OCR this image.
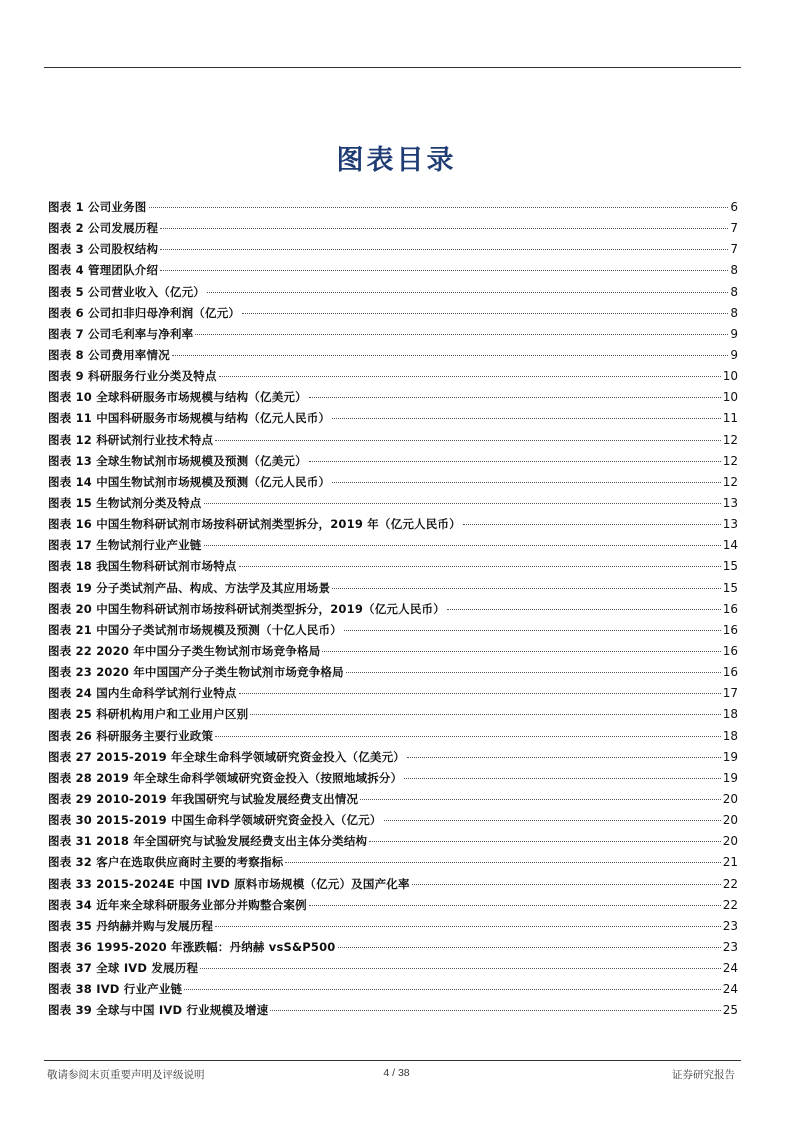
图表目录
图表 1 公司业务图	6
图表 2 公司发展历程	7
图表 3 公司股权结构	7
图表 4 管理团队介绍	8
图表 5 公司营业收入（亿元）	8
图表 6 公司扣非归母净利润（亿元）	8
图表 7 公司毛利率与净利率	9
图表 8 公司费用率情况	9
图表 9 科研服务行业分类及特点	10
图表 10 全球科研服务市场规模与结构（亿美元）	10
图表 11 中国科研服务市场规模与结构（亿元人民币）	11
图表 12 科研试剂行业技术特点	12
图表 13 全球生物试剂市场规模及预测（亿美元）	12
图表 14 中国生物试剂市场规模及预测（亿元人民币）	12
图表 15 生物试剂分类及特点	13
图表 16 中国生物科研试剂市场按科研试剂类型拆分，2019 年（亿元人民币）	13
图表 17 生物试剂行业产业链	14
图表 18 我国生物科研试剂市场特点	15
图表 19 分子类试剂产品、构成、方法学及其应用场景	15
图表 20 中国生物科研试剂市场按科研试剂类型拆分，2019（亿元人民币）	16
图表 21 中国分子类试剂市场规模及预测（十亿人民币）	16
图表 22 2020 年中国分子类生物试剂市场竞争格局	16
图表 23 2020 年中国国产分子类生物试剂市场竞争格局	16
图表 24 国内生命科学试剂行业特点	17
图表 25 科研机构用户和工业用户区别	18
图表 26 科研服务主要行业政策	18
图表 27 2015-2019 年全球生命科学领域研究资金投入（亿美元）	19
图表 28 2019 年全球生命科学领域研究资金投入（按照地域拆分）	19
图表 29 2010-2019 年我国研究与试验发展经费支出情况	20
图表 30 2015-2019 中国生命科学领域研究资金投入（亿元）	20
图表 31 2018 年全国研究与试验发展经费支出主体分类结构	20
图表 32 客户在选取供应商时主要的考察指标	21
图表 33 2015-2024E 中国 IVD 原料市场规模（亿元）及国产化率	22
图表 34 近年来全球科研服务业部分并购整合案例	22
图表 35 丹纳赫并购与发展历程	23
图表 36 1995-2020 年涨跌幅：丹纳赫 vsS&P500	23
图表 37 全球 IVD 发展历程	24
图表 38 IVD 行业产业链	24
图表 39 全球与中国 IVD 行业规模及增速	25
敬请参阅末页重要声明及评级说明	4 / 38	证券研究报告
